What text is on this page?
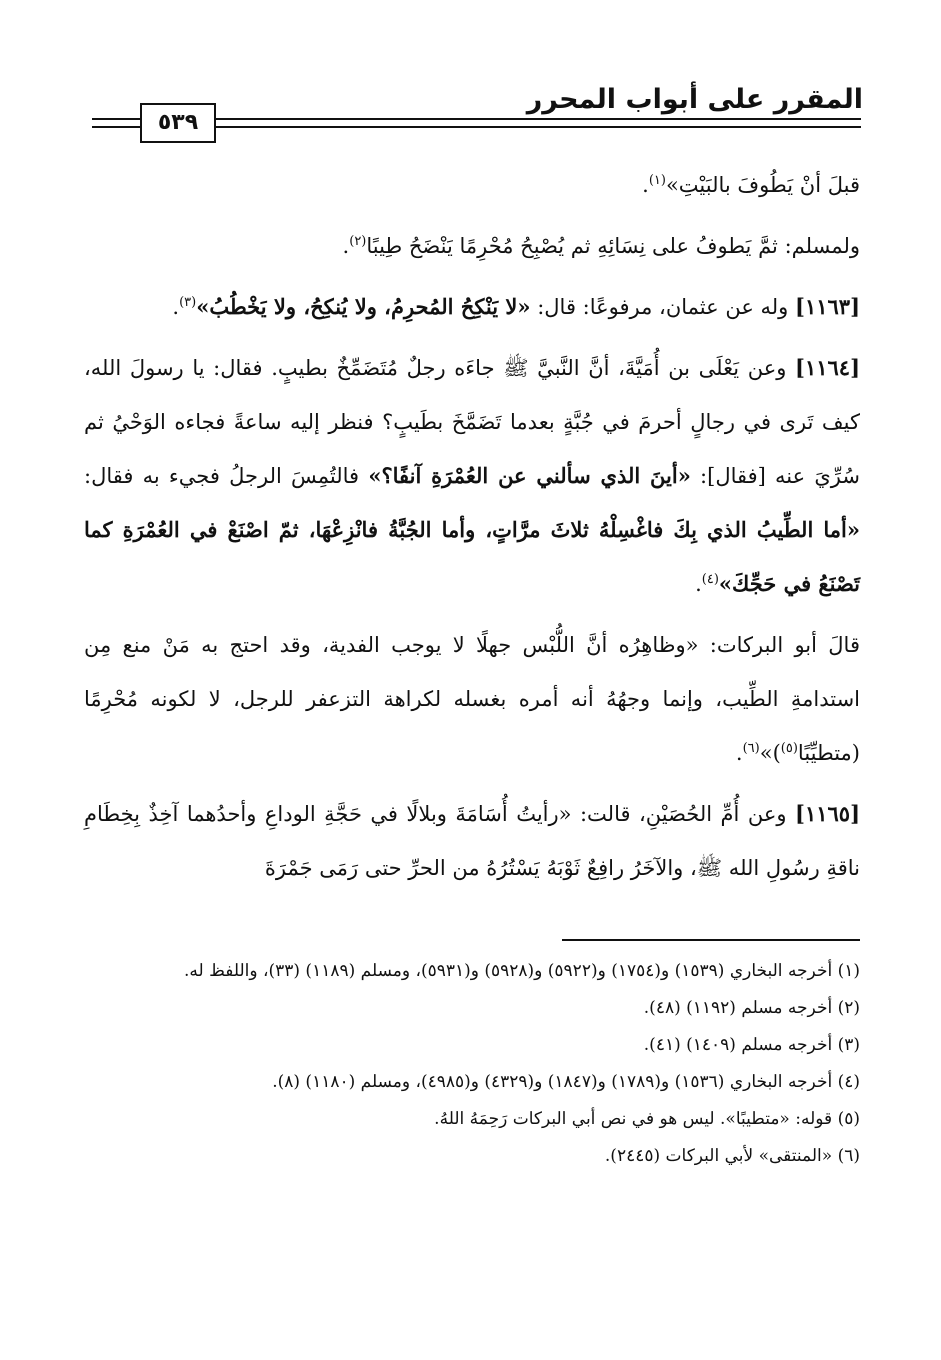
المقرر على أبواب المحرر
٥٣٩

قبلَ أنْ يَطُوفَ بالبَيْتِ»$^{(١)}$.

ولمسلم: ثمَّ يَطوفُ على نِسَائِهِ ثم يُصْبِحُ مُحْرِمًا يَنْضَحُ طِيبًا$^{(٢)}$.

[١١٦٣] وله عن عثمان، مرفوعًا: قال: «لا يَنْكِحُ المُحرِمُ، ولا يُنكِحُ، ولا يَخْطُبُ»$^{(٣)}$.

[١١٦٤] وعن يَعْلَى بن أُمَيَّةَ، أنَّ النَّبيَّ ﷺ جاءَه رجلٌ مُتَضَمِّخٌ بطيبٍ. فقال: يا رسولَ الله، كيف تَرى في رجالٍ أحرمَ في جُبَّةٍ بعدما تَضَمَّخَ بطَيبٍ؟ فنظر إليه ساعةً فجاءه الوَحْيُ ثم سُرِّيَ عنه [فقال]: «أينَ الذي سألني عن العُمْرَةِ آنفًا؟» فالتُمِسَ الرجلُ فجيء به فقال: «أما الطِّيبُ الذي بِكَ فاغْسِلْهُ ثلاثَ مرَّاتٍ، وأما الجُبَّةُ فانْزِعْهَا، ثمّ اصْنَعْ في العُمْرَةِ كما تَصْنَعُ في حَجِّكَ»$^{(٤)}$.

قالَ أبو البركات: «وظاهِرُه أنَّ اللُّبْس جهلًا لا يوجب الفدية، وقد احتج به مَنْ منع مِن استدامةِ الطِّيب، وإنما وجهُهُ أنه أمره بغسله لكراهة التزعفر للرجل، لا لكونه مُحْرِمًا (متطيِّبًا$^{(٥)}$)»$^{(٦)}$.

[١١٦٥] وعن أُمِّ الحُصَيْنِ، قالت: «رأيتُ أُسَامَةَ وبلالًا في حَجَّةِ الوداعِ وأحدُهما آخِذٌ بِخِطَامِ ناقةِ رسُولِ الله ﷺ، والآخَرُ رافِعٌ ثَوْبَهُ يَسْتُرُهُ من الحرِّ حتى رَمَى جَمْرَةَ

(١) أخرجه البخاري (١٥٣٩) و(١٧٥٤) و(٥٩٢٢) و(٥٩٢٨) و(٥٩٣١)، ومسلم (١١٨٩) (٣٣)، واللفظ له.

(٢) أخرجه مسلم (١١٩٢) (٤٨).

(٣) أخرجه مسلم (١٤٠٩) (٤١).

(٤) أخرجه البخاري (١٥٣٦) و(١٧٨٩) و(١٨٤٧) و(٤٣٢٩) و(٤٩٨٥)، ومسلم (١١٨٠) (٨).

(٥) قوله: «متطيبًا». ليس هو في نص أبي البركات رَحِمَهُ اللهُ.

(٦) «المنتقى» لأبي البركات (٢٤٤٥).
